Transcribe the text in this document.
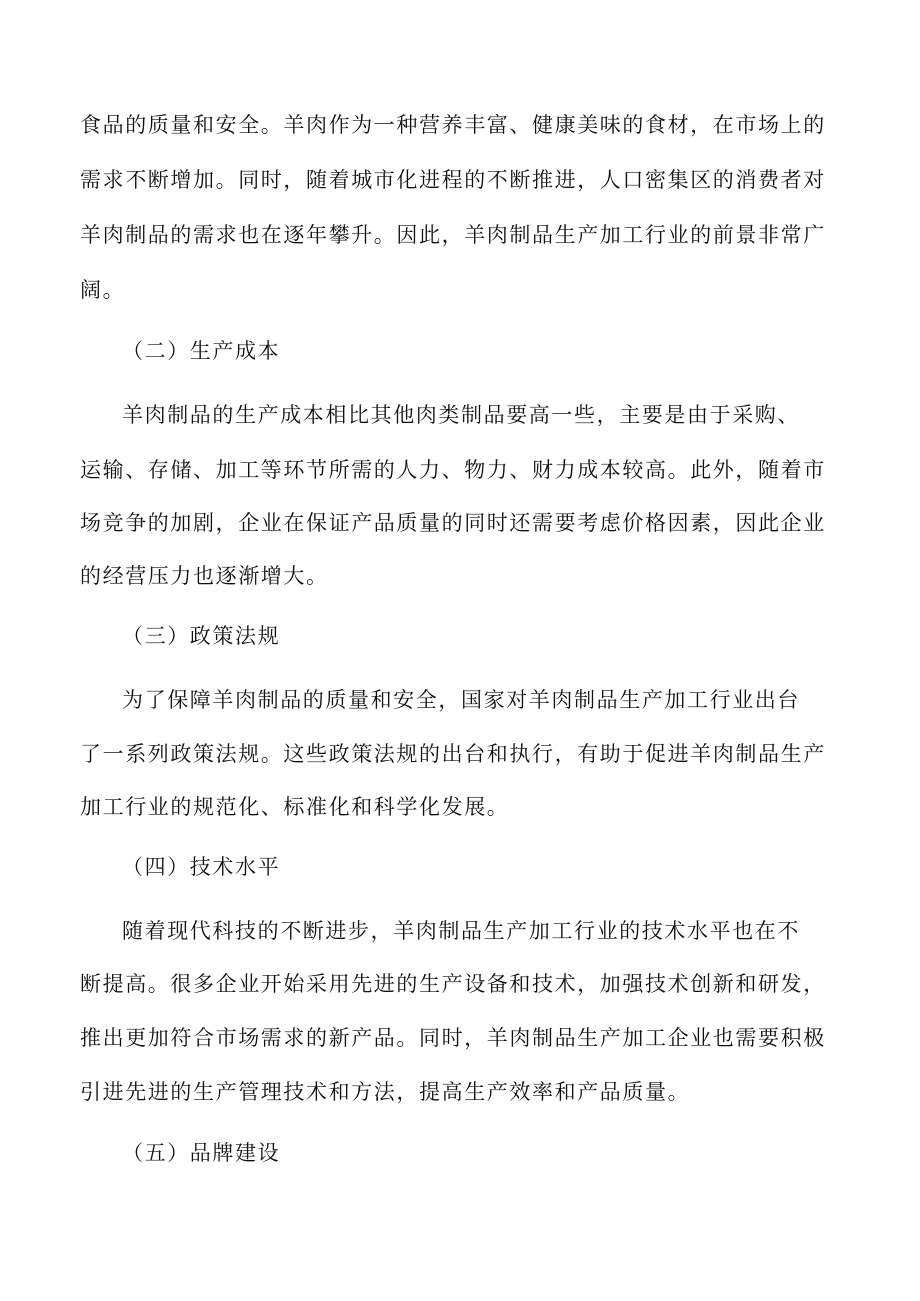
食品的质量和安全。羊肉作为一种营养丰富、健康美味的食材，在市场上的
需求不断增加。同时，随着城市化进程的不断推进，人口密集区的消费者对
羊肉制品的需求也在逐年攀升。因此，羊肉制品生产加工行业的前景非常广
阔。
（二）生产成本
羊肉制品的生产成本相比其他肉类制品要高一些，主要是由于采购、
运输、存储、加工等环节所需的人力、物力、财力成本较高。此外，随着市
场竞争的加剧，企业在保证产品质量的同时还需要考虑价格因素，因此企业
的经营压力也逐渐增大。
（三）政策法规
为了保障羊肉制品的质量和安全，国家对羊肉制品生产加工行业出台
了一系列政策法规。这些政策法规的出台和执行，有助于促进羊肉制品生产
加工行业的规范化、标准化和科学化发展。
（四）技术水平
随着现代科技的不断进步，羊肉制品生产加工行业的技术水平也在不
断提高。很多企业开始采用先进的生产设备和技术，加强技术创新和研发，
推出更加符合市场需求的新产品。同时，羊肉制品生产加工企业也需要积极
引进先进的生产管理技术和方法，提高生产效率和产品质量。
（五）品牌建设
